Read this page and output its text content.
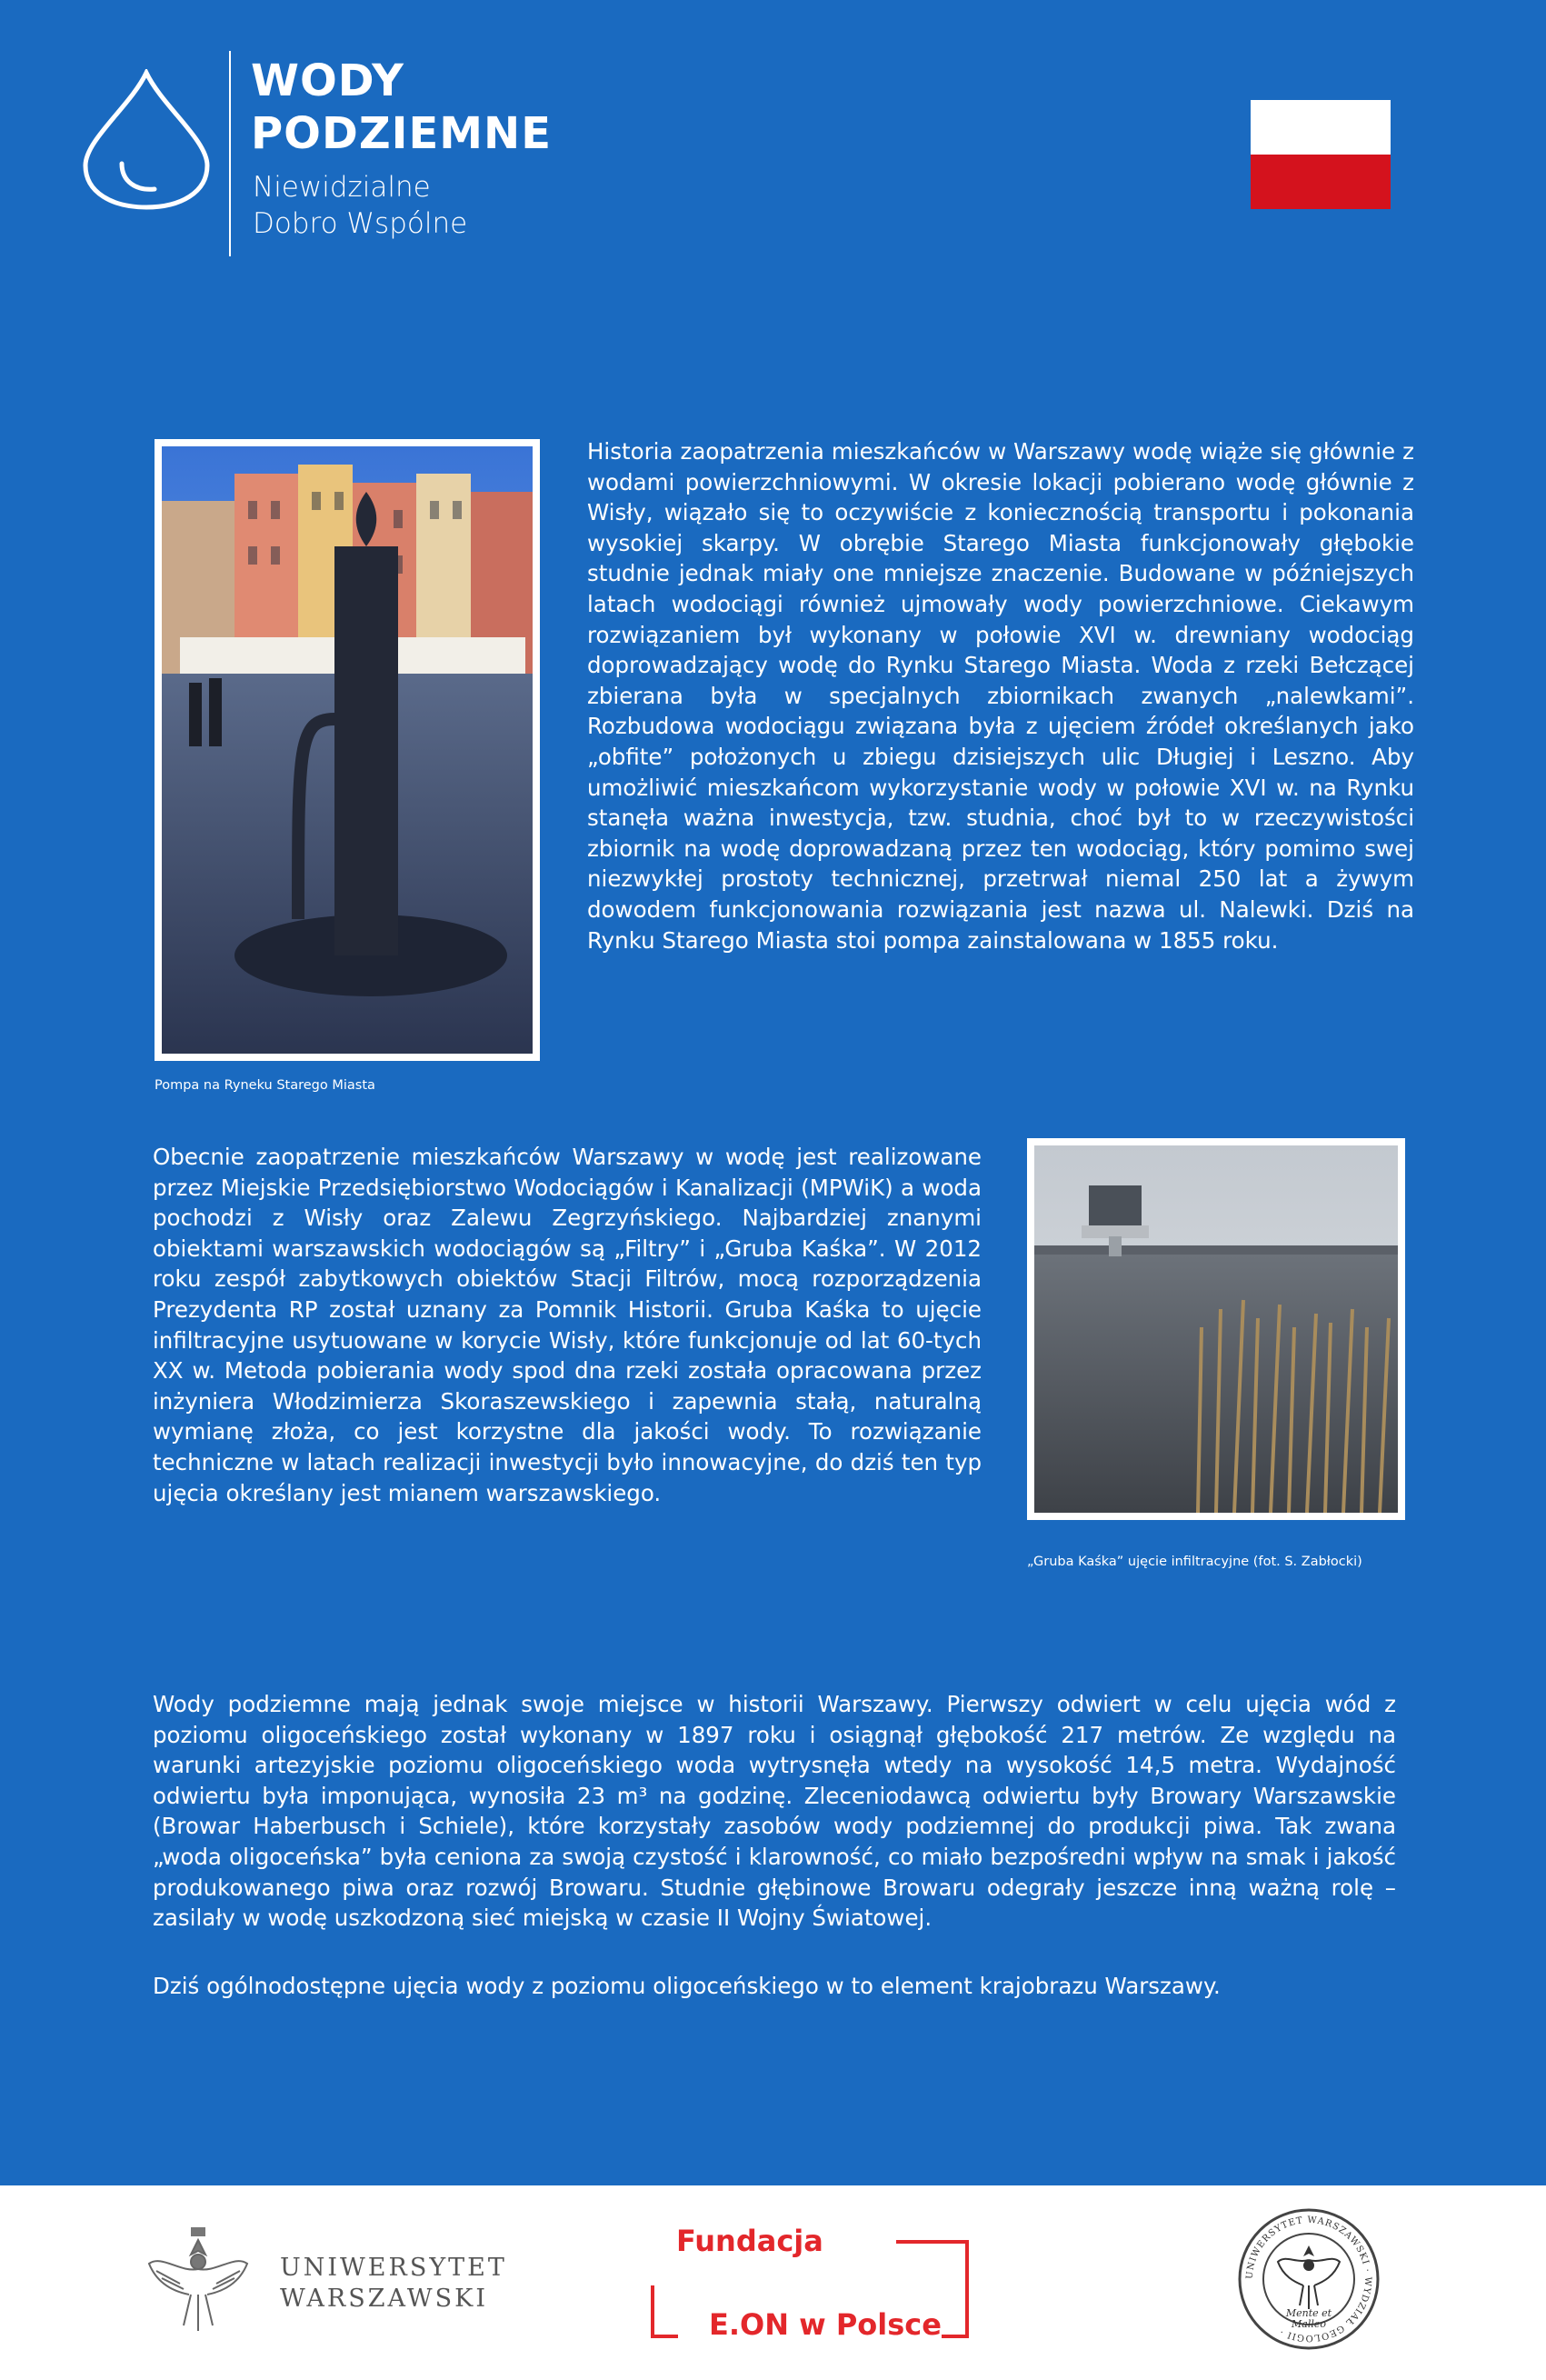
WODY
PODZIEMNE
Niewidzialne
Dobro Wspólne
Pompa na Ryneku Starego Miasta
Historia zaopatrzenia mieszkańców w Warszawy wodę wiąże się głównie z wodami powierzchniowymi. W okresie lokacji pobierano wodę głównie z Wisły, wiązało się to oczywiście z koniecznością transportu i pokonania wysokiej skarpy. W obrębie Starego Miasta funkcjonowały głębokie studnie jednak miały one mniejsze znaczenie. Budowane w późniejszych latach wodociągi również ujmowały wody powierzchniowe. Ciekawym rozwiązaniem był wykonany w połowie XVI w. drewniany wodociąg doprowadzający wodę do Rynku Starego Miasta. Woda z rzeki Bełczącej zbierana była w specjalnych zbiornikach zwanych „nalewkami”. Rozbudowa wodociągu związana była z ujęciem źródeł określanych jako „obfite” położonych u zbiegu dzisiejszych ulic Długiej i Leszno. Aby umożliwić mieszkańcom wykorzystanie wody w połowie XVI w. na Rynku stanęła ważna inwestycja, tzw. studnia, choć był to w rzeczywistości zbiornik na wodę doprowadzaną przez ten wodociąg, który pomimo swej niezwykłej prostoty technicznej, przetrwał niemal 250 lat a żywym dowodem funkcjonowania rozwiązania jest nazwa ul. Nalewki. Dziś na Rynku Starego Miasta stoi pompa zainstalowana w 1855 roku.
Obecnie zaopatrzenie mieszkańców Warszawy w wodę jest realizowane przez Miejskie Przedsiębiorstwo Wodociągów i Kanalizacji (MPWiK) a woda pochodzi z Wisły oraz Zalewu Zegrzyńskiego. Najbardziej znanymi obiektami warszawskich wodociągów są „Filtry” i „Gruba Kaśka”. W 2012 roku zespół zabytkowych obiektów Stacji Filtrów, mocą rozporządzenia Prezydenta RP został uznany za Pomnik Historii. Gruba Kaśka to ujęcie infiltracyjne usytuowane w korycie Wisły, które funkcjonuje od lat 60-tych XX w. Metoda pobierania wody spod dna rzeki została opracowana przez inżyniera Włodzimierza Skoraszewskiego i zapewnia stałą, naturalną wymianę złoża, co jest korzystne dla jakości wody. To rozwiązanie techniczne w latach realizacji inwestycji było innowacyjne, do dziś ten typ ujęcia określany jest mianem warszawskiego.
„Gruba Kaśka” ujęcie infiltracyjne (fot. S. Zabłocki)
Wody podziemne mają jednak swoje miejsce w historii Warszawy. Pierwszy odwiert w celu ujęcia wód z poziomu oligoceńskiego został wykonany w 1897 roku i osiągnął głębokość 217 metrów. Ze względu na warunki artezyjskie poziomu oligoceńskiego woda wytrysnęła wtedy na wysokość 14,5 metra. Wydajność odwiertu była imponująca, wynosiła 23 m³ na godzinę. Zleceniodawcą odwiertu były Browary Warszawskie (Browar Haberbusch i Schiele), które korzystały zasobów wody podziemnej do produkcji piwa. Tak zwana „woda oligoceńska” była ceniona za swoją czystość i klarowność, co miało bezpośredni wpływ na smak i jakość produkowanego piwa oraz rozwój Browaru. Studnie głębinowe Browaru odegrały jeszcze inną ważną rolę – zasilały w wodę uszkodzoną sieć miejską w czasie II Wojny Światowej.
Dziś ogólnodostępne ujęcia wody z poziomu oligoceńskiego w to element krajobrazu Warszawy.
UNIWERSYTET
WARSZAWSKI
Fundacja
E.ON w Polsce
UNIWERSYTET WARSZAWSKI · WYDZIAŁ GEOLOGII ·
Mente et
Malleo
